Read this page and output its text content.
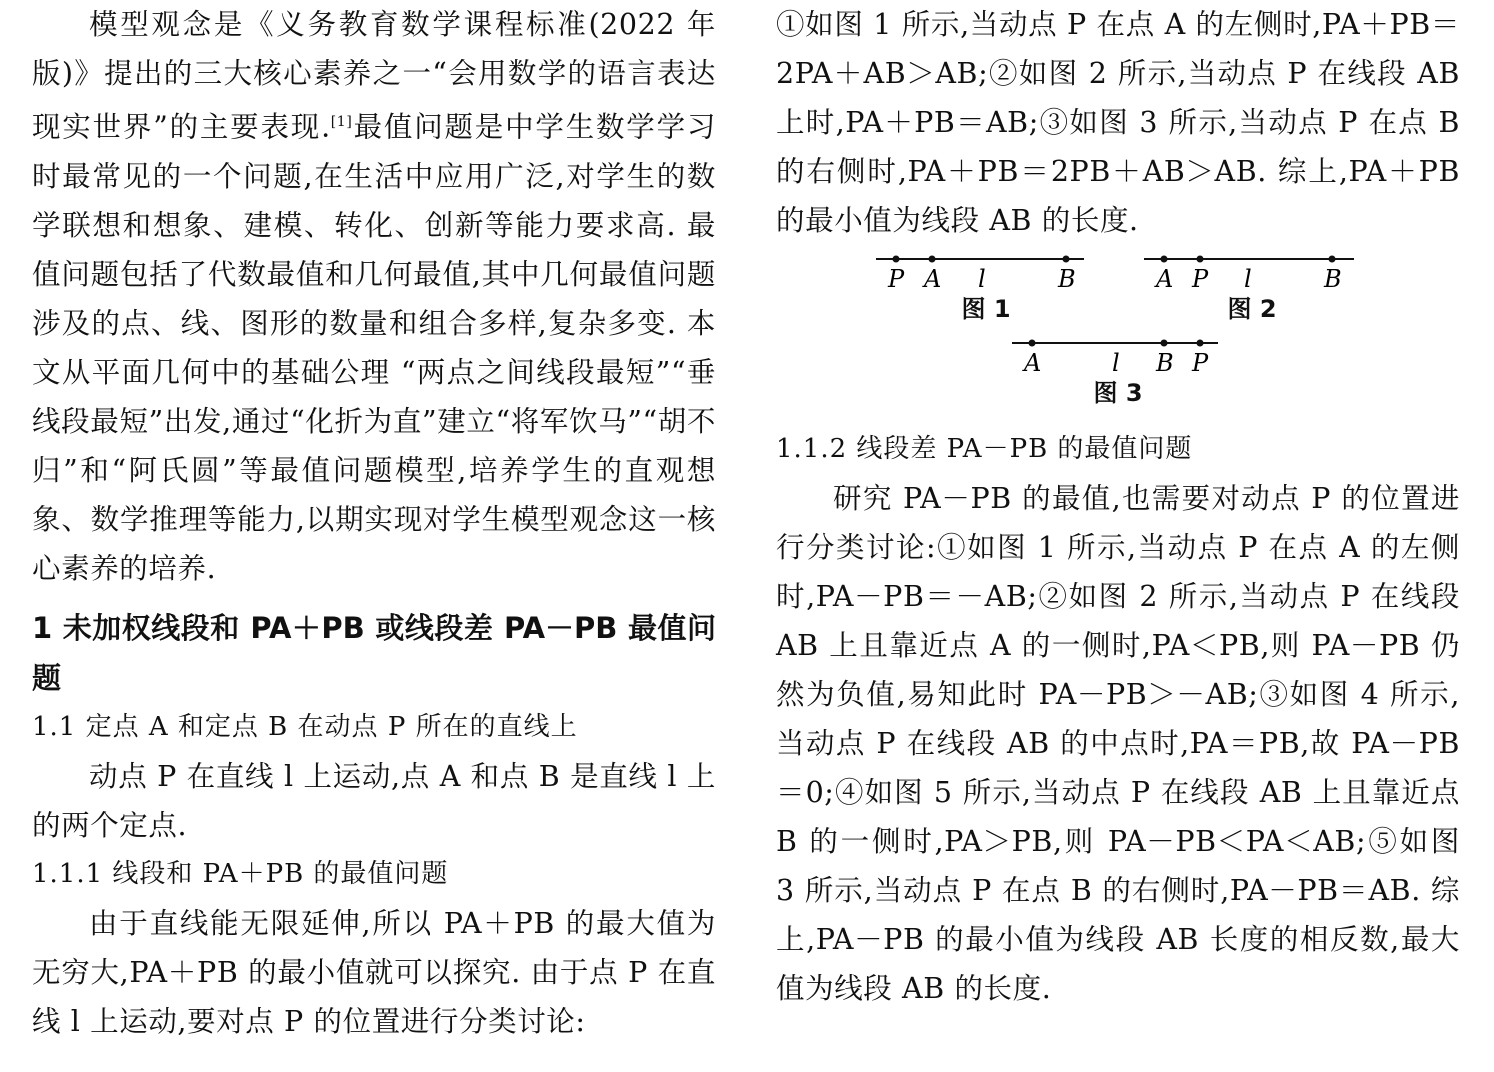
模型观念是《义务教育数学课程标准(2022 年版)》提出的三大核心素养之一“会用数学的语言表达现实世界”的主要表现.[1]最值问题是中学生数学学习时最常见的一个问题,在生活中应用广泛,对学生的数学联想和想象、建模、转化、创新等能力要求高. 最值问题包括了代数最值和几何最值,其中几何最值问题涉及的点、线、图形的数量和组合多样,复杂多变. 本文从平面几何中的基础公理 “两点之间线段最短”“垂线段最短”出发,通过“化折为直”建立“将军饮马”“胡不归”和“阿氏圆”等最值问题模型,培养学生的直观想象、数学推理等能力,以期实现对学生模型观念这一核心素养的培养.

1 未加权线段和 PA＋PB 或线段差 PA－PB 最值问题

1.1 定点 A 和定点 B 在动点 P 所在的直线上

动点 P 在直线 l 上运动,点 A 和点 B 是直线 l 上的两个定点.

1.1.1 线段和 PA＋PB 的最值问题

由于直线能无限延伸,所以 PA＋PB 的最大值为无穷大,PA＋PB 的最小值就可以探究. 由于点 P 在直线 l 上运动,要对点 P 的位置进行分类讨论:

①如图 1 所示,当动点 P 在点 A 的左侧时,PA＋PB＝2PA＋AB＞AB;②如图 2 所示,当动点 P 在线段 AB 上时,PA＋PB＝AB;③如图 3 所示,当动点 P 在点 B 的右侧时,PA＋PB＝2PB＋AB＞AB. 综上,PA＋PB 的最小值为线段 AB 的长度.

P A l	B
图 1
A P l	B
图 2
A	l B P
图 3

1.1.2 线段差 PA－PB 的最值问题

研究 PA－PB 的最值,也需要对动点 P 的位置进行分类讨论:①如图 1 所示,当动点 P 在点 A 的左侧时,PA－PB＝－AB;②如图 2 所示,当动点 P 在线段 AB 上且靠近点 A 的一侧时,PA＜PB,则 PA－PB 仍然为负值,易知此时 PA－PB＞－AB;③如图 4 所示,当动点 P 在线段 AB 的中点时,PA＝PB,故 PA－PB＝0;④如图 5 所示,当动点 P 在线段 AB 上且靠近点 B 的一侧时,PA＞PB,则 PA－PB＜PA＜AB;⑤如图 3 所示,当动点 P 在点 B 的右侧时,PA－PB＝AB. 综上,PA－PB 的最小值为线段 AB 长度的相反数,最大值为线段 AB 的长度.
